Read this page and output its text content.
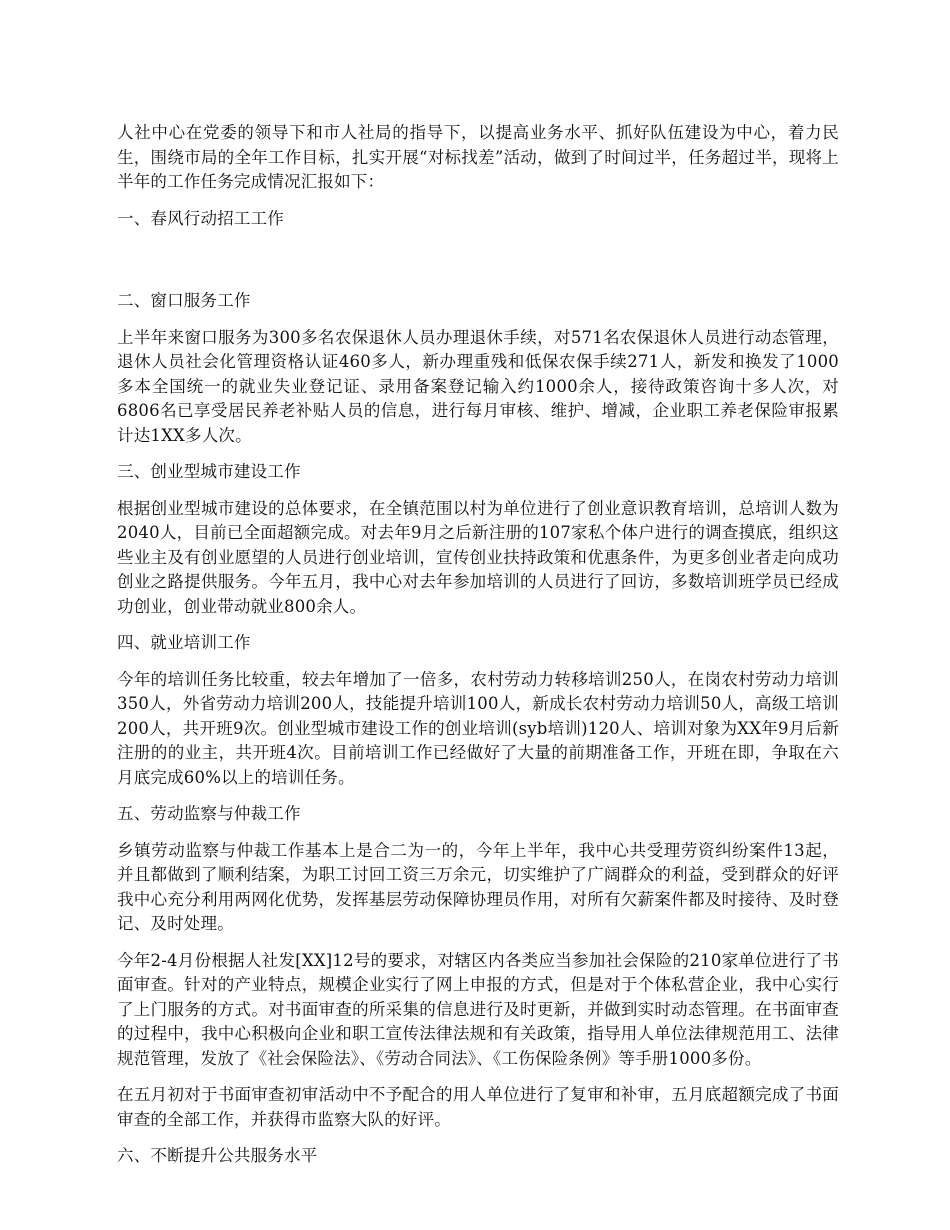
人社中心在党委的领导下和市人社局的指导下，以提高业务水平、抓好队伍建设为中心，着力民生，围绕市局的全年工作目标，扎实开展“对标找差”活动，做到了时间过半，任务超过半，现将上半年的工作任务完成情况汇报如下：

一、春风行动招工工作

二、窗口服务工作

上半年来窗口服务为300多名农保退休人员办理退休手续，对571名农保退休人员进行动态管理，退休人员社会化管理资格认证460多人，新办理重残和低保农保手续271人，新发和换发了1000多本全国统一的就业失业登记证、录用备案登记输入约1000余人，接待政策咨询十多人次，对6806名已享受居民养老补贴人员的信息，进行每月审核、维护、增减，企业职工养老保险审报累计达1XX多人次。

三、创业型城市建设工作

根据创业型城市建设的总体要求，在全镇范围以村为单位进行了创业意识教育培训，总培训人数为2040人，目前已全面超额完成。对去年9月之后新注册的107家私个体户进行的调查摸底，组织这些业主及有创业愿望的人员进行创业培训，宣传创业扶持政策和优惠条件，为更多创业者走向成功创业之路提供服务。今年五月，我中心对去年参加培训的人员进行了回访，多数培训班学员已经成功创业，创业带动就业800余人。

四、就业培训工作

今年的培训任务比较重，较去年增加了一倍多，农村劳动力转移培训250人，在岗农村劳动力培训350人，外省劳动力培训200人，技能提升培训100人，新成长农村劳动力培训50人，高级工培训200人，共开班9次。创业型城市建设工作的创业培训(syb培训)120人、培训对象为XX年9月后新注册的的业主，共开班4次。目前培训工作已经做好了大量的前期准备工作，开班在即，争取在六月底完成60%以上的培训任务。

五、劳动监察与仲裁工作

乡镇劳动监察与仲裁工作基本上是合二为一的，今年上半年，我中心共受理劳资纠纷案件13起，并且都做到了顺利结案，为职工讨回工资三万余元，切实维护了广阔群众的利益，受到群众的好评我中心充分利用两网化优势，发挥基层劳动保障协理员作用，对所有欠薪案件都及时接待、及时登记、及时处理。

今年2-4月份根据人社发[XX]12号的要求，对辖区内各类应当参加社会保险的210家单位进行了书面审查。针对的产业特点，规模企业实行了网上申报的方式，但是对于个体私营企业，我中心实行了上门服务的方式。对书面审查的所采集的信息进行及时更新，并做到实时动态管理。在书面审查的过程中，我中心积极向企业和职工宣传法律法规和有关政策，指导用人单位法律规范用工、法律规范管理，发放了《社会保险法》、《劳动合同法》、《工伤保险条例》等手册1000多份。

在五月初对于书面审查初审活动中不予配合的用人单位进行了复审和补审，五月底超额完成了书面审查的全部工作，并获得市监察大队的好评。

六、不断提升公共服务水平
